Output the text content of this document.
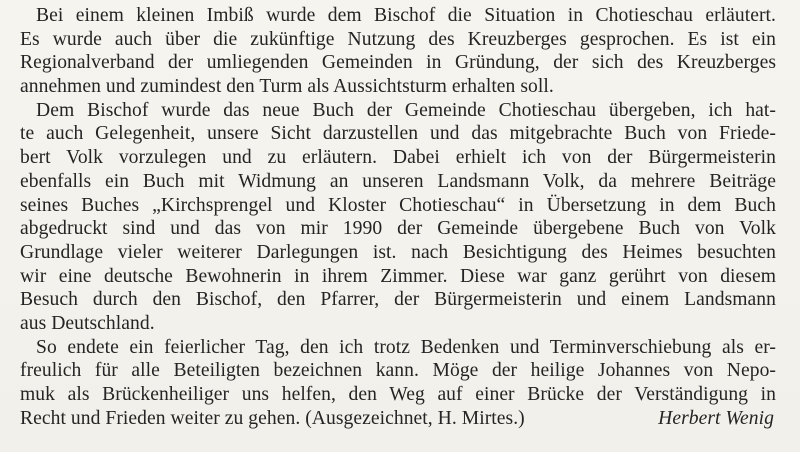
Bei einem kleinen Imbiß wurde dem Bischof die Situation in Chotieschau erläutert.
Es wurde auch über die zukünftige Nutzung des Kreuzberges gesprochen. Es ist ein
Regionalverband der umliegenden Gemeinden in Gründung, der sich des Kreuzberges
annehmen und zumindest den Turm als Aussichtsturm erhalten soll.
Dem Bischof wurde das neue Buch der Gemeinde Chotieschau übergeben, ich hat-
te auch Gelegenheit, unsere Sicht darzustellen und das mitgebrachte Buch von Friede-
bert Volk vorzulegen und zu erläutern. Dabei erhielt ich von der Bürgermeisterin
ebenfalls ein Buch mit Widmung an unseren Landsmann Volk, da mehrere Beiträge
seines Buches „Kirchsprengel und Kloster Chotieschau“ in Übersetzung in dem Buch
abgedruckt sind und das von mir 1990 der Gemeinde übergebene Buch von Volk
Grundlage vieler weiterer Darlegungen ist. nach Besichtigung des Heimes besuchten
wir eine deutsche Bewohnerin in ihrem Zimmer. Diese war ganz gerührt von diesem
Besuch durch den Bischof, den Pfarrer, der Bürgermeisterin und einem Landsmann
aus Deutschland.
So endete ein feierlicher Tag, den ich trotz Bedenken und Terminverschiebung als er-
freulich für alle Beteiligten bezeichnen kann. Möge der heilige Johannes von Nepo-
muk als Brückenheiliger uns helfen, den Weg auf einer Brücke der Verständigung in
Recht und Frieden weiter zu gehen. (Ausgezeichnet, H. Mirtes.)	Herbert Wenig
